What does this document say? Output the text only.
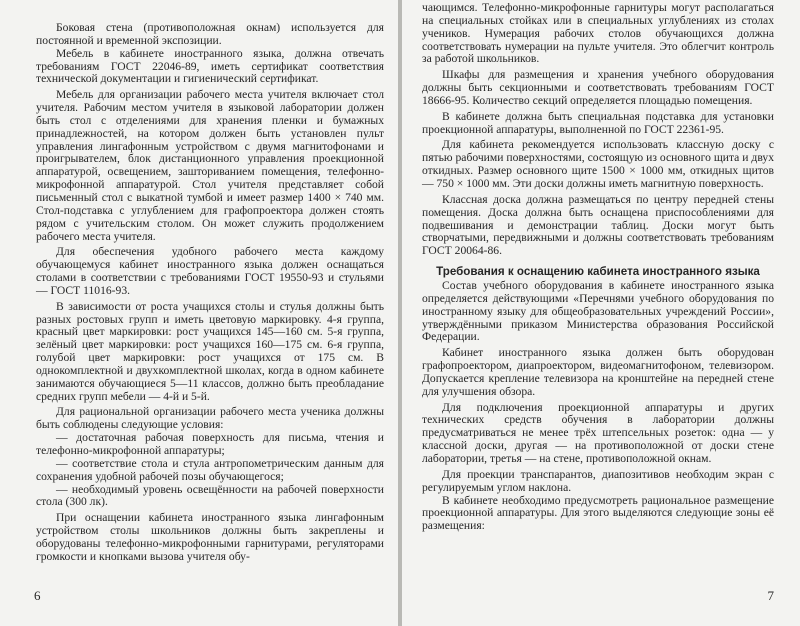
Боковая стена (противоположная окнам) используется для постоянной и временной экспозиции.

Мебель в кабинете иностранного языка, должна отвечать требованиям ГОСТ 22046-89, иметь сертификат соответствия технической документации и гигиенический сертификат.

Мебель для организации рабочего места учителя включает стол учителя. Рабочим местом учителя в языковой лаборатории должен быть стол с отделениями для хранения пленки и бумажных принадлежностей, на котором должен быть установлен пульт управления лингафонным устройством с двумя магнитофонами и проигрывателем, блок дистанционного управления проекционной аппаратурой, освещением, зашториванием помещения, телефонно-микрофонной аппаратурой. Стол учителя представляет собой письменный стол с выкатной тумбой и имеет размер 1400 × 740 мм. Стол-подставка с углублением для графопроектора должен стоять рядом с учительским столом. Он может служить продолжением рабочего места учителя.

Для обеспечения удобного рабочего места каждому обучающемуся кабинет иностранного языка должен оснащаться столами в соответствии с требованиями ГОСТ 19550-93 и стульями — ГОСТ 11016-93.

В зависимости от роста учащихся столы и стулья должны быть разных ростовых групп и иметь цветовую маркировку. 4-я группа, красный цвет маркировки: рост учащихся 145—160 см. 5-я группа, зелёный цвет маркировки: рост учащихся 160—175 см. 6-я группа, голубой цвет маркировки: рост учащихся от 175 см. В однокомплектной и двухкомплектной школах, когда в одном кабинете занимаются обучающиеся 5—11 классов, должно быть преобладание средних групп мебели — 4-й и 5-й.

Для рациональной организации рабочего места ученика должны быть соблюдены следующие условия:

— достаточная рабочая поверхность для письма, чтения и телефонно-микрофонной аппаратуры;

— соответствие стола и стула антропометрическим данным для сохранения удобной рабочей позы обучающегося;

— необходимый уровень освещённости на рабочей поверхности стола (300 лк).

При оснащении кабинета иностранного языка лингафонным устройством столы школьников должны быть закреплены и оборудованы телефонно-микрофонными гарнитурами, регуляторами громкости и кнопками вызова учителя обу-

6

чающимся. Телефонно-микрофонные гарнитуры могут располагаться на специальных стойках или в специальных углублениях из столах учеников. Нумерация рабочих столов обучающихся должна соответствовать нумерации на пульте учителя. Это облегчит контроль за работой школьников.

Шкафы для размещения и хранения учебного оборудования должны быть секционными и соответствовать требованиям ГОСТ 18666-95. Количество секций определяется площадью помещения.

В кабинете должна быть специальная подставка для установки проекционной аппаратуры, выполненной по ГОСТ 22361-95.

Для кабинета рекомендуется использовать классную доску с пятью рабочими поверхностями, состоящую из основного щита и двух откидных. Размер основного щите 1500 × 1000 мм, откидных щитов — 750 × 1000 мм. Эти доски должны иметь магнитную поверхность.

Классная доска должна размещаться по центру передней стены помещения. Доска должна быть оснащена приспособлениями для подвешивания и демонстрации таблиц. Доски могут быть створчатыми, передвижными и должны соответствовать требованиям ГОСТ 20064-86.

Требования к оснащению кабинета иностранного языка

Состав учебного оборудования в кабинете иностранного языка определяется действующими «Перечнями учебного оборудования по иностранному языку для общеобразовательных учреждений России», утверждёнными приказом Министерства образования Российской Федерации.

Кабинет иностранного языка должен быть оборудован графопроектором, диапроектором, видеомагнитофоном, телевизором. Допускается крепление телевизора на кронштейне на передней стене для улучшения обзора.

Для подключения проекционной аппаратуры и других технических средств обучения в лаборатории должны предусматриваться не менее трёх штепсельных розеток: одна — у классной доски, другая — на противоположной от доски стене лаборатории, третья — на стене, противоположной окнам.

Для проекции транспарантов, диапозитивов необходим экран с регулируемым углом наклона.

В кабинете необходимо предусмотреть рациональное размещение проекционной аппаратуры. Для этого выделяются следующие зоны её размещения:

7
